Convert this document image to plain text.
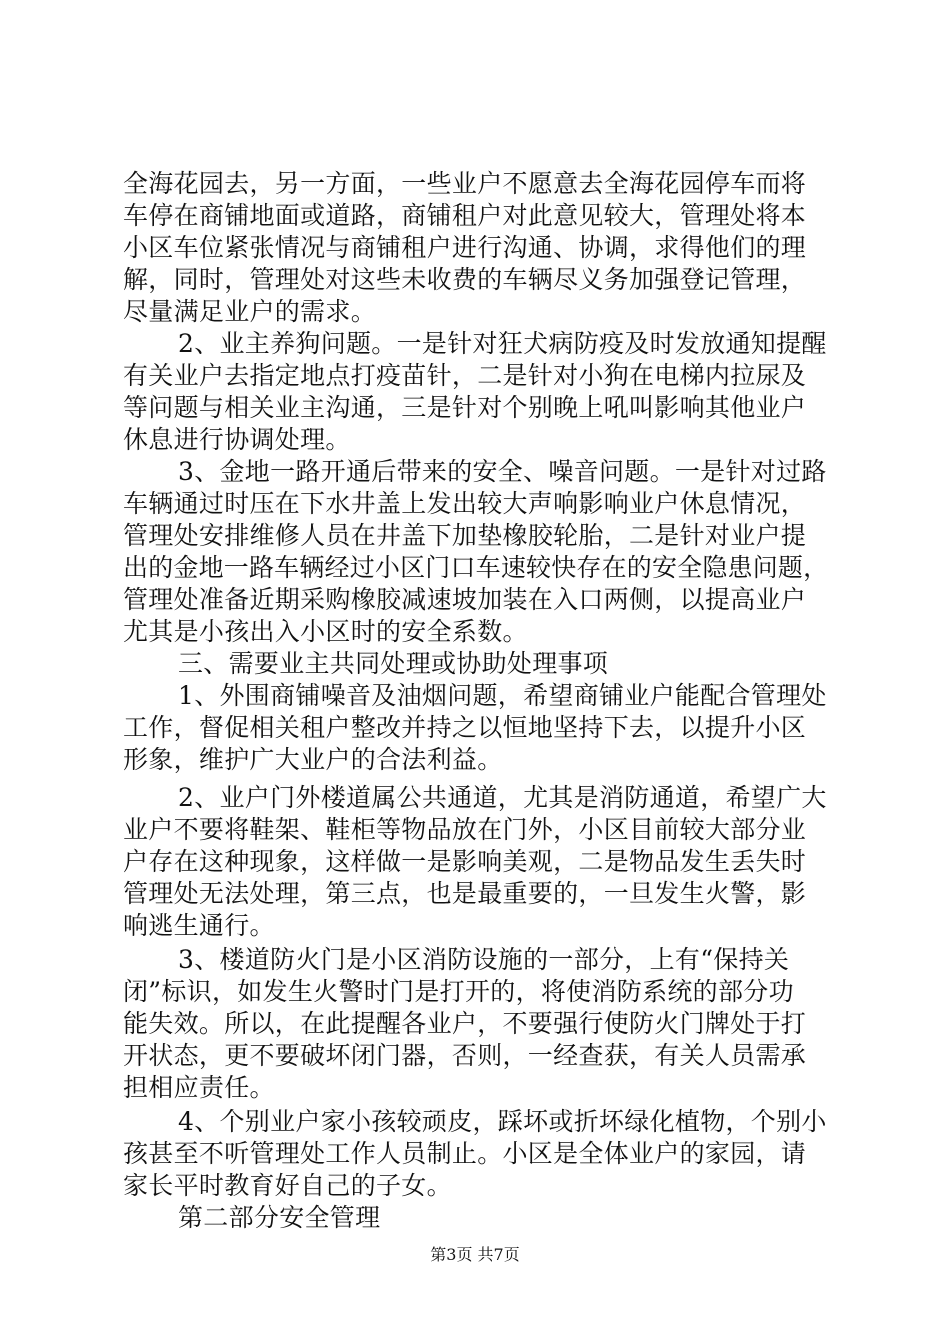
全海花园去，另一方面，一些业户不愿意去全海花园停车而将
车停在商铺地面或道路，商铺租户对此意见较大，管理处将本
小区车位紧张情况与商铺租户进行沟通、协调，求得他们的理
解，同时，管理处对这些未收费的车辆尽义务加强登记管理，
尽量满足业户的需求。
2、业主养狗问题。一是针对狂犬病防疫及时发放通知提醒
有关业户去指定地点打疫苗针，二是针对小狗在电梯内拉尿及
等问题与相关业主沟通，三是针对个别晚上吼叫影响其他业户
休息进行协调处理。
3、金地一路开通后带来的安全、噪音问题。一是针对过路
车辆通过时压在下水井盖上发出较大声响影响业户休息情况，
管理处安排维修人员在井盖下加垫橡胶轮胎，二是针对业户提
出的金地一路车辆经过小区门口车速较快存在的安全隐患问题，
管理处准备近期采购橡胶减速坡加装在入口两侧，以提高业户
尤其是小孩出入小区时的安全系数。
三、需要业主共同处理或协助处理事项
1、外围商铺噪音及油烟问题，希望商铺业户能配合管理处
工作，督促相关租户整改并持之以恒地坚持下去，以提升小区
形象，维护广大业户的合法利益。
2、业户门外楼道属公共通道，尤其是消防通道，希望广大
业户不要将鞋架、鞋柜等物品放在门外，小区目前较大部分业
户存在这种现象，这样做一是影响美观，二是物品发生丢失时
管理处无法处理，第三点，也是最重要的，一旦发生火警，影
响逃生通行。
3、楼道防火门是小区消防设施的一部分，上有“保持关
闭”标识，如发生火警时门是打开的，将使消防系统的部分功
能失效。所以，在此提醒各业户，不要强行使防火门牌处于打
开状态，更不要破坏闭门器，否则，一经查获，有关人员需承
担相应责任。
4、个别业户家小孩较顽皮，踩坏或折坏绿化植物，个别小
孩甚至不听管理处工作人员制止。小区是全体业户的家园，请
家长平时教育好自己的子女。
第二部分安全管理
第3页 共7页
